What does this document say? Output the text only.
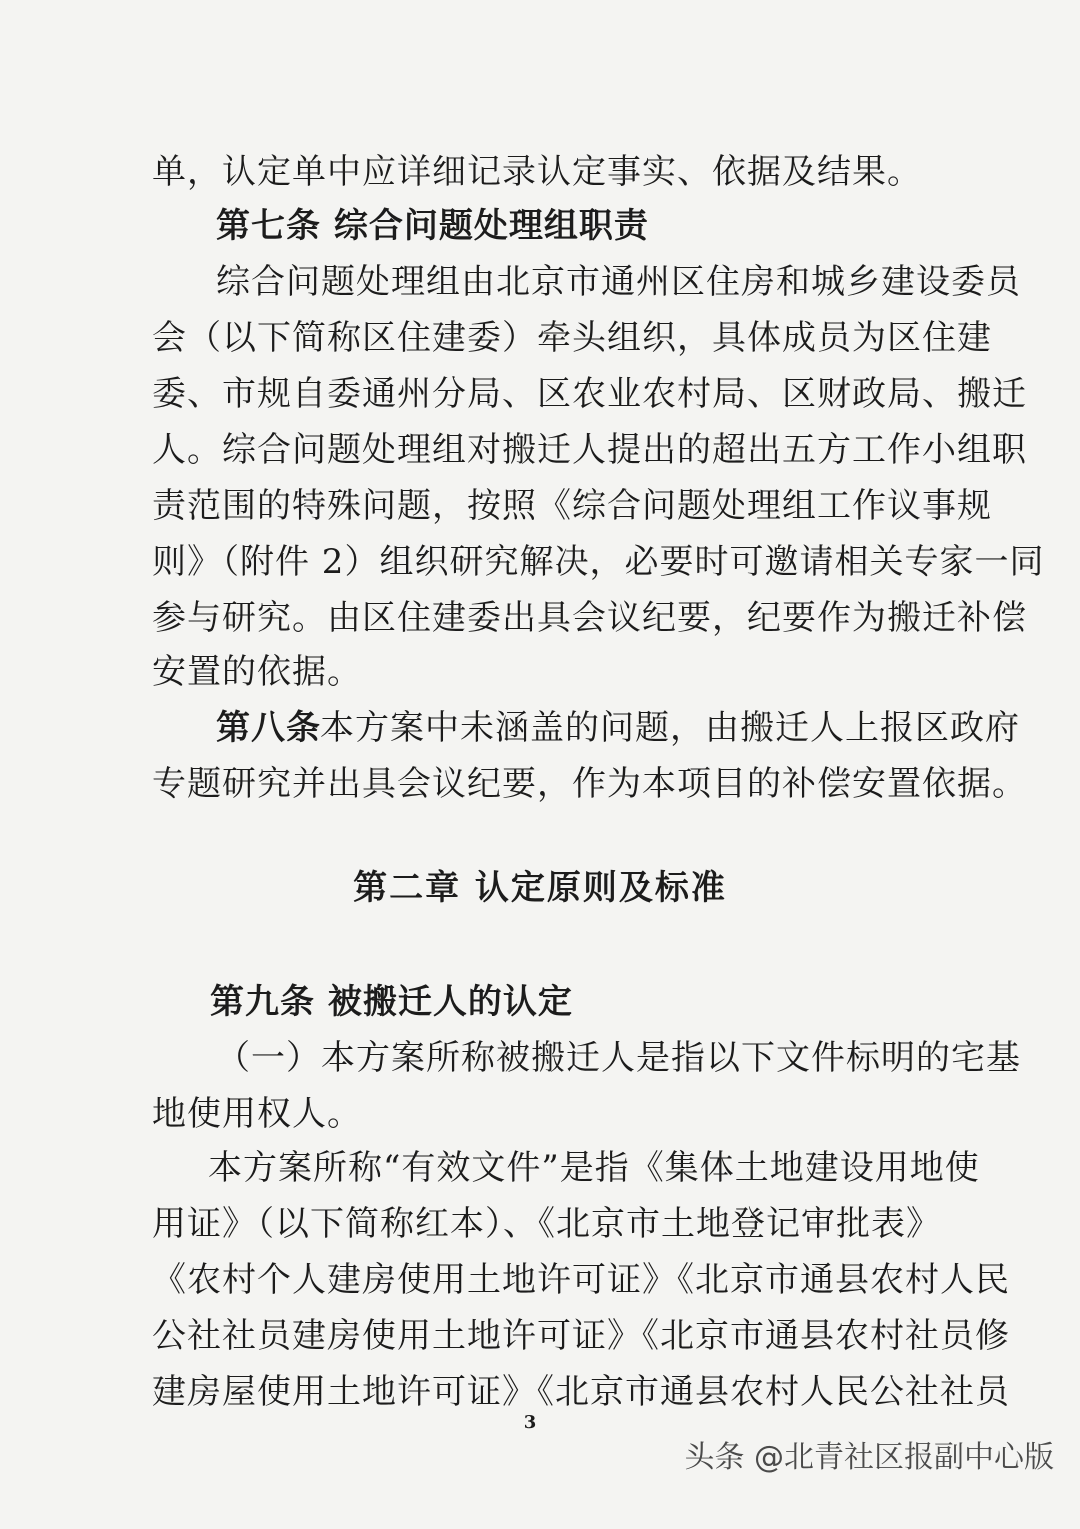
单，认定单中应详细记录认定事实、依据及结果。
第七条 综合问题处理组职责
综合问题处理组由北京市通州区住房和城乡建设委员
会（以下简称区住建委）牵头组织，具体成员为区住建
委、市规自委通州分局、区农业农村局、区财政局、搬迁
人。综合问题处理组对搬迁人提出的超出五方工作小组职
责范围的特殊问题，按照《综合问题处理组工作议事规
则》（附件 2）组织研究解决，必要时可邀请相关专家一同
参与研究。由区住建委出具会议纪要，纪要作为搬迁补偿
安置的依据。
第八条 本方案中未涵盖的问题，由搬迁人上报区政府
专题研究并出具会议纪要，作为本项目的补偿安置依据。
第二章 认定原则及标准
第九条 被搬迁人的认定
（一）本方案所称被搬迁人是指以下文件标明的宅基
地使用权人。
本方案所称“有效文件”是指《集体土地建设用地使
用证》（以下简称红本）、《北京市土地登记审批表》
《农村个人建房使用土地许可证》《北京市通县农村人民
公社社员建房使用土地许可证》《北京市通县农村社员修
建房屋使用土地许可证》《北京市通县农村人民公社社员
3
头条 @北青社区报副中心版
